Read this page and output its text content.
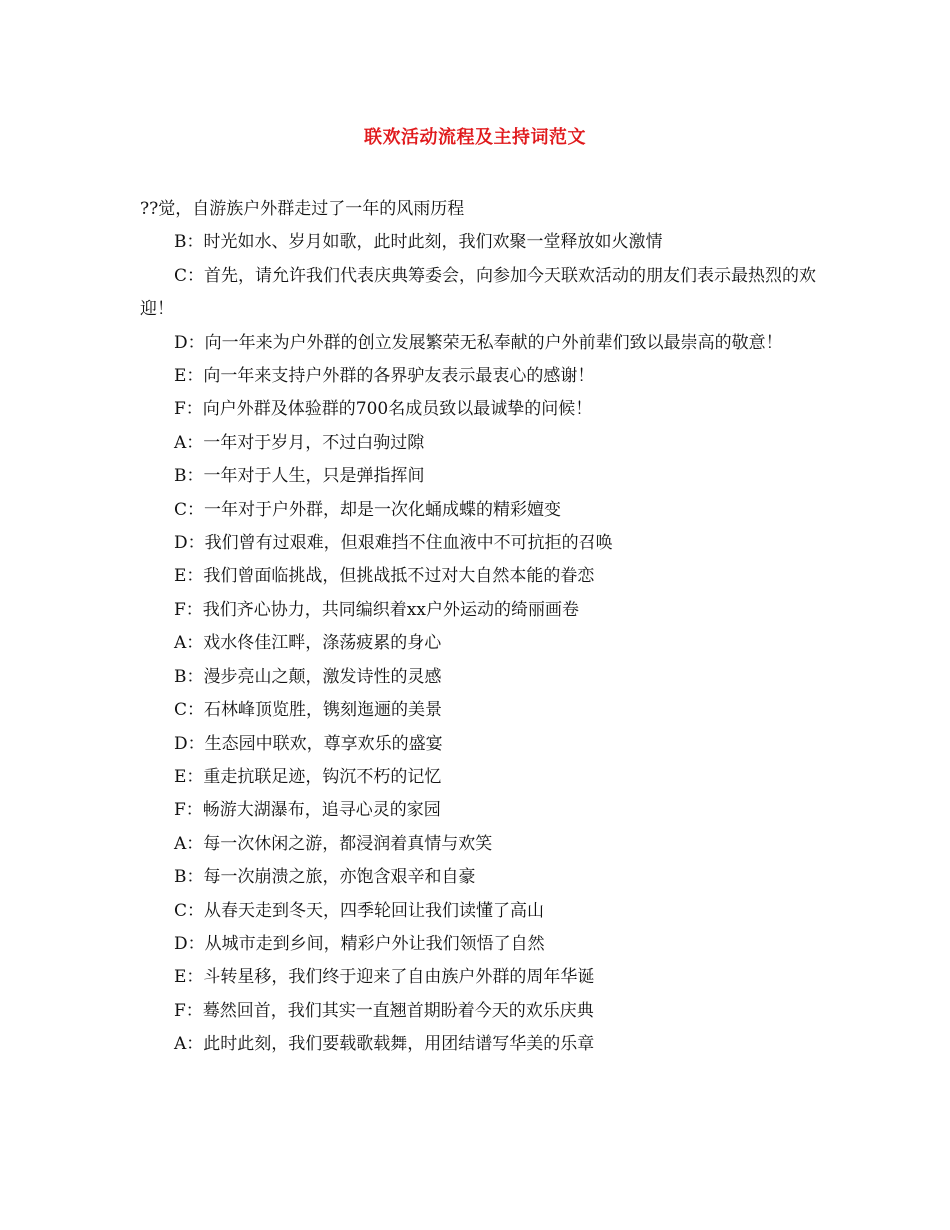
联欢活动流程及主持词范文

??觉，自游族户外群走过了一年的风雨历程

B：时光如水、岁月如歌，此时此刻，我们欢聚一堂释放如火激情

C：首先，请允许我们代表庆典筹委会，向参加今天联欢活动的朋友们表示最热烈的欢迎！

D：向一年来为户外群的创立发展繁荣无私奉献的户外前辈们致以最崇高的敬意！

E：向一年来支持户外群的各界驴友表示最衷心的感谢！

F：向户外群及体验群的700名成员致以最诚挚的问候！

A：一年对于岁月，不过白驹过隙

B：一年对于人生，只是弹指挥间

C：一年对于户外群，却是一次化蛹成蝶的精彩嬗变

D：我们曾有过艰难，但艰难挡不住血液中不可抗拒的召唤

E：我们曾面临挑战，但挑战抵不过对大自然本能的眷恋

F：我们齐心协力，共同编织着xx户外运动的绮丽画卷

A：戏水佟佳江畔，涤荡疲累的身心

B：漫步亮山之颠，激发诗性的灵感

C：石林峰顶览胜，镌刻迤逦的美景

D：生态园中联欢，尊享欢乐的盛宴

E：重走抗联足迹，钩沉不朽的记忆

F：畅游大湖瀑布，追寻心灵的家园

A：每一次休闲之游，都浸润着真情与欢笑

B：每一次崩溃之旅，亦饱含艰辛和自豪

C：从春天走到冬天，四季轮回让我们读懂了高山

D：从城市走到乡间，精彩户外让我们领悟了自然

E：斗转星移，我们终于迎来了自由族户外群的周年华诞

F：蓦然回首，我们其实一直翘首期盼着今天的欢乐庆典

A：此时此刻，我们要载歌载舞，用团结谱写华美的乐章
